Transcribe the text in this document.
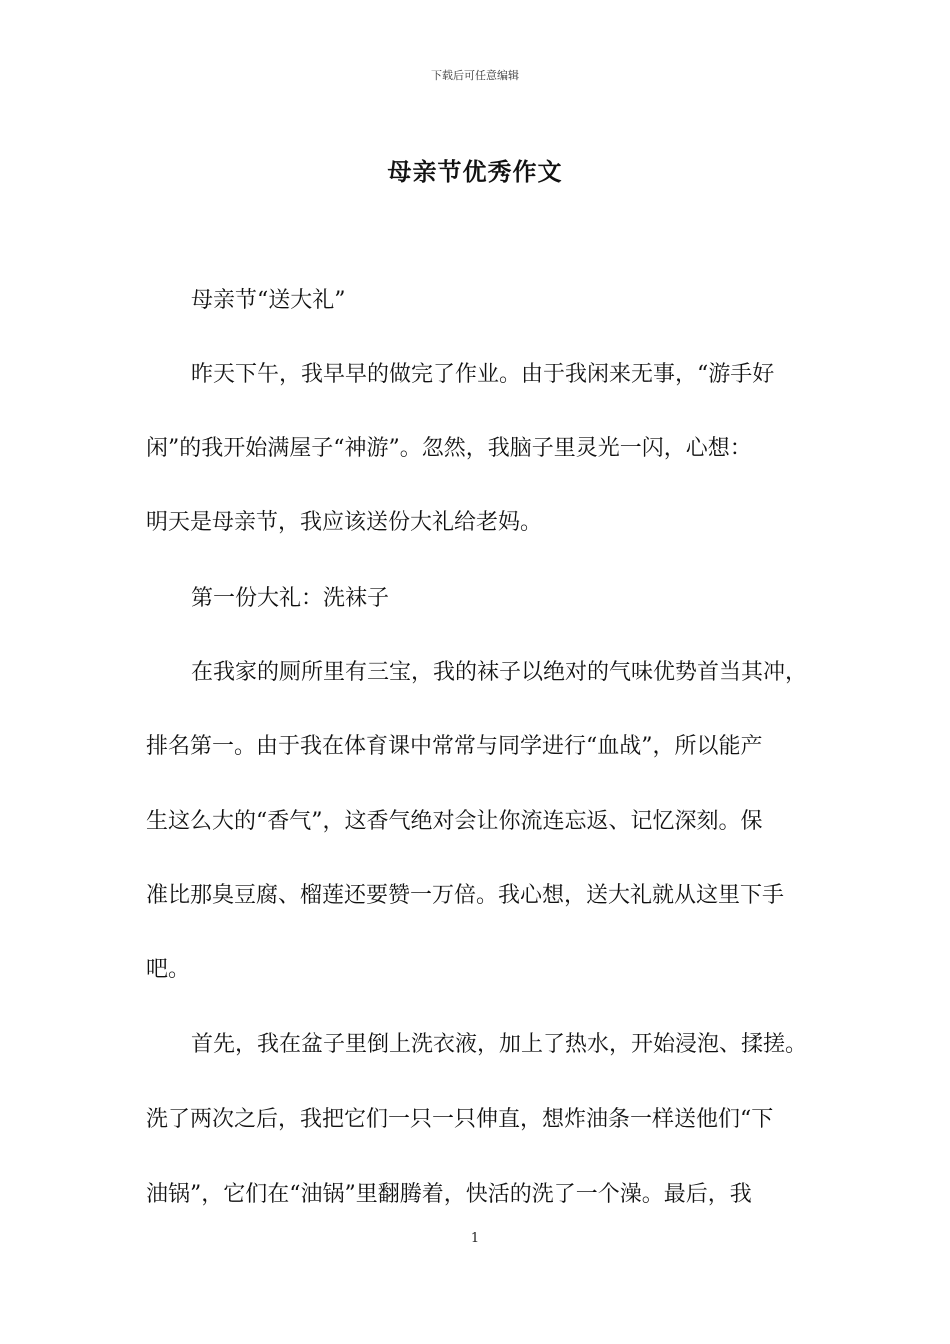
下载后可任意编辑
母亲节优秀作文
母亲节“送大礼”
昨天下午，我早早的做完了作业。由于我闲来无事，“游手好
闲”的我开始满屋子“神游”。忽然，我脑子里灵光一闪，心想：
明天是母亲节，我应该送份大礼给老妈。
第一份大礼：洗袜子
在我家的厕所里有三宝，我的袜子以绝对的气味优势首当其冲，
排名第一。由于我在体育课中常常与同学进行“血战”，所以能产
生这么大的“香气”，这香气绝对会让你流连忘返、记忆深刻。保
准比那臭豆腐、榴莲还要赞一万倍。我心想，送大礼就从这里下手
吧。
首先，我在盆子里倒上洗衣液，加上了热水，开始浸泡、揉搓。
洗了两次之后，我把它们一只一只伸直，想炸油条一样送他们“下
油锅”，它们在“油锅”里翻腾着，快活的洗了一个澡。最后，我
1
